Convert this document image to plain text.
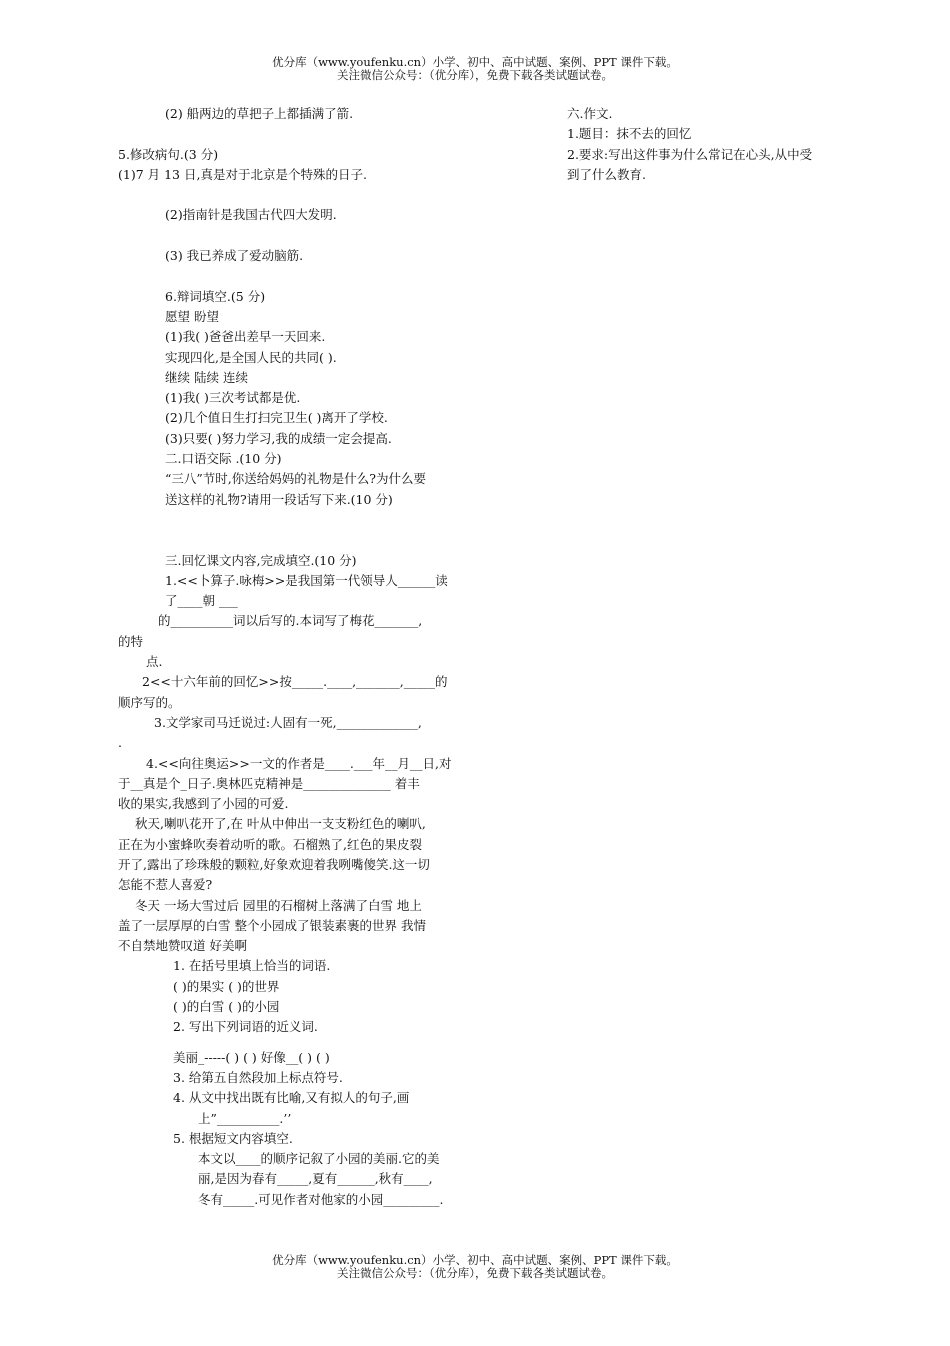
优分库（www.youfenku.cn）小学、初中、高中试题、案例、PPT 课件下载。
关注微信公众号：（优分库），免费下载各类试题试卷。
(2) 船两边的草把子上都插满了箭.
5.修改病句.(3 分)
(1)7 月 13 日,真是对于北京是个特殊的日子.
(2)指南针是我国古代四大发明.
(3) 我已养成了爱动脑筋.
6.辩词填空.(5 分)
愿望 盼望
(1)我( )爸爸出差早一天回来.
实现四化,是全国人民的共同( ).
继续 陆续 连续
(1)我( )三次考试都是优.
(2)几个值日生打扫完卫生( )离开了学校.
(3)只要( )努力学习,我的成绩一定会提高.
二.口语交际 .(10 分)
“三八”节时,你送给妈妈的礼物是什么?为什么要
送这样的礼物?请用一段话写下来.(10 分)
三.回忆课文内容,完成填空.(10 分)
1.<<卜算子.咏梅>>是我国第一代领导人______读
了____朝 ___
的__________词以后写的.本词写了梅花_______,
的特
点.
2<<十六年前的回忆>>按_____.____,_______,_____的
顺序写的。
3.文学家司马迁说过:人固有一死,_____________,
.
4.<<向往奥运>>一文的作者是____.___年__月__日,对
于__真是个_日子.奥林匹克精神是______________ 着丰
收的果实,我感到了小园的可爱.
秋天,喇叭花开了,在 叶从中伸出一支支粉红色的喇叭,
正在为小蜜蜂吹奏着动听的歌。石榴熟了,红色的果皮裂
开了,露出了珍珠般的颗粒,好象欢迎着我咧嘴傻笑.这一切
怎能不惹人喜爱?
冬天 一场大雪过后 园里的石榴树上落满了白雪 地上
盖了一层厚厚的白雪 整个小园成了银装素裹的世界 我情
不自禁地赞叹道 好美啊
1. 在括号里填上恰当的词语.
( )的果实 ( )的世界
( )的白雪 ( )的小园
2. 写出下列词语的近义词.
美丽_-----( ) ( ) 好像__( ) ( )
3. 给第五自然段加上标点符号.
4. 从文中找出既有比喻,又有拟人的句子,画
上”__________.’’
5. 根据短文内容填空.
本文以____的顺序记叙了小园的美丽.它的美
丽,是因为春有_____,夏有______,秋有____,
冬有_____.可见作者对他家的小园_________.
六.作文.
1.题目：抹不去的回忆
2.要求:写出这件事为什么常记在心头,从中受
到了什么教育.
优分库（www.youfenku.cn）小学、初中、高中试题、案例、PPT 课件下载。
关注微信公众号：（优分库），免费下载各类试题试卷。
